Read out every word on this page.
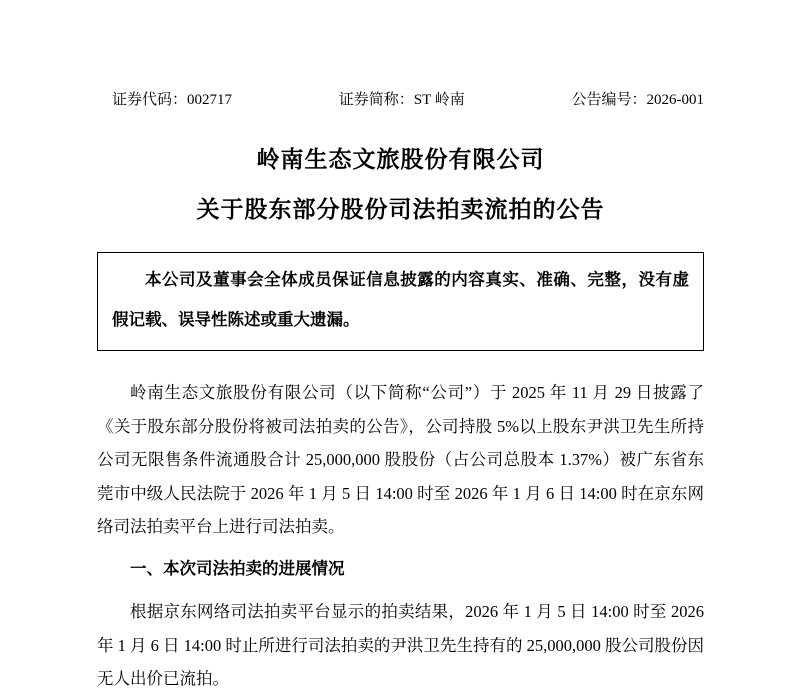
证券代码：002717	证券简称：ST 岭南	公告编号：2026-001
岭南生态文旅股份有限公司
关于股东部分股份司法拍卖流拍的公告

本公司及董事会全体成员保证信息披露的内容真实、准确、完整，没有虚假记载、误导性陈述或重大遗漏。

岭南生态文旅股份有限公司（以下简称“公司”）于 2025 年 11 月 29 日披露了《关于股东部分股份将被司法拍卖的公告》，公司持股 5%以上股东尹洪卫先生所持公司无限售条件流通股合计 25,000,000 股股份（占公司总股本 1.37%）被广东省东莞市中级人民法院于 2026 年 1 月 5 日 14:00 时至 2026 年 1 月 6 日 14:00 时在京东网络司法拍卖平台上进行司法拍卖。

一、本次司法拍卖的进展情况

根据京东网络司法拍卖平台显示的拍卖结果，2026 年 1 月 5 日 14:00 时至 2026 年 1 月 6 日 14:00 时止所进行司法拍卖的尹洪卫先生持有的 25,000,000 股公司股份因无人出价已流拍。
